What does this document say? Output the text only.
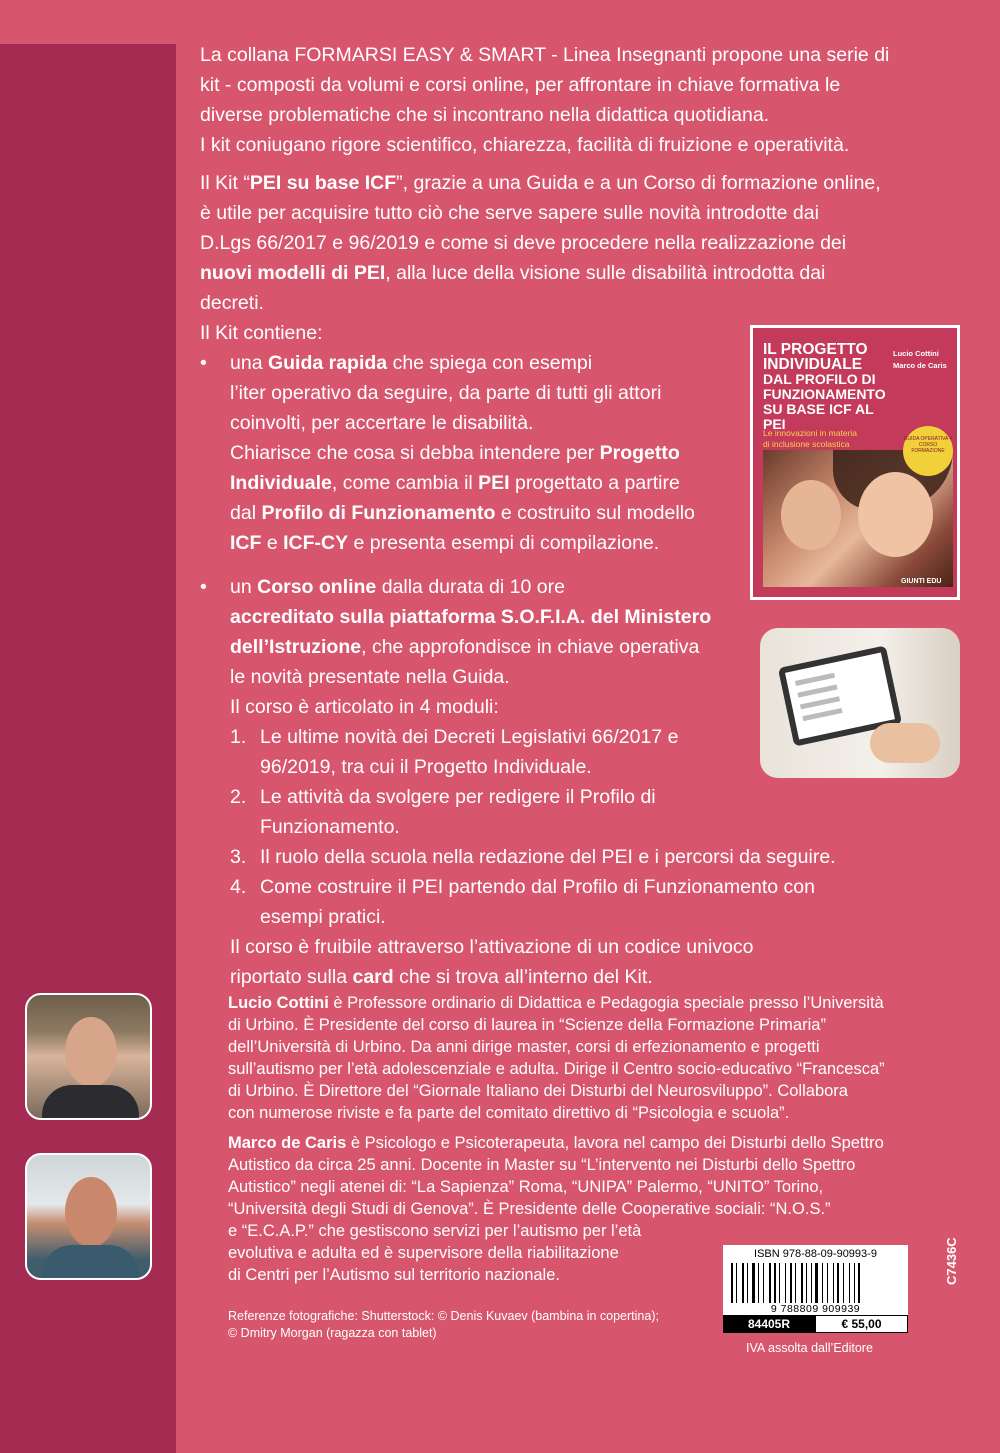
La collana FORMARSI EASY & SMART - Linea Insegnanti propone una serie di

kit - composti da volumi e corsi online, per affrontare in chiave formativa le

diverse problematiche che si incontrano nella didattica quotidiana.

I kit coniugano rigore scientifico, chiarezza, facilità di fruizione e operatività.

Il Kit “PEI su base ICF”, grazie a una Guida e a un Corso di formazione online,

è utile per acquisire tutto ciò che serve sapere sulle novità introdotte dai

D.Lgs 66/2017 e 96/2019 e come si deve procedere nella realizzazione dei

nuovi modelli di PEI, alla luce della visione sulle disabilità introdotta dai

decreti.

Il Kit contiene:

• una Guida rapida che spiega con esempi

l’iter operativo da seguire, da parte di tutti gli attori

coinvolti, per accertare le disabilità.

Chiarisce che cosa si debba intendere per Progetto

Individuale, come cambia il PEI progettato a partire

dal Profilo di Funzionamento e costruito sul modello

ICF e ICF-CY e presenta esempi di compilazione.

• un Corso online dalla durata di 10 ore

accreditato sulla piattaforma S.O.F.I.A. del Ministero

dell’Istruzione, che approfondisce in chiave operativa

le novità presentate nella Guida.

Il corso è articolato in 4 moduli:

1. Le ultime novità dei Decreti Legislativi 66/2017 e
96/2019, tra cui il Progetto Individuale.
2. Le attività da svolgere per redigere il Profilo di
Funzionamento.
3. Il ruolo della scuola nella redazione del PEI e i percorsi da seguire.
4. Come costruire il PEI partendo dal Profilo di Funzionamento con
esempi pratici.

Il corso è fruibile attraverso l’attivazione di un codice univoco

riportato sulla card che si trova all’interno del Kit.

IL PROGETTO
INDIVIDUALE
DAL PROFILO DI
FUNZIONAMENTO
SU BASE ICF AL PEI
Lucio Cottini
Marco de Caris
Le innovazioni in materia
di inclusione scolastica	GUIDA OPERATIVA + CORSO FORMAZIONE
GIUNTI EDU
Lucio Cottini è Professore ordinario di Didattica e Pedagogia speciale presso l’Università
di Urbino. È Presidente del corso di laurea in “Scienze della Formazione Primaria”
dell’Università di Urbino. Da anni dirige master, corsi di erfezionamento e progetti
sull’autismo per l’età adolescenziale e adulta. Dirige il Centro socio-educativo “Francesca”
di Urbino. È Direttore del “Giornale Italiano dei Disturbi del Neurosviluppo”. Collabora
con numerose riviste e fa parte del comitato direttivo di “Psicologia e scuola”.
Marco de Caris è Psicologo e Psicoterapeuta, lavora nel campo dei Disturbi dello Spettro
Autistico da circa 25 anni. Docente in Master su “L’intervento nei Disturbi dello Spettro
Autistico” negli atenei di: “La Sapienza” Roma, “UNIPA” Palermo, “UNITO” Torino,
“Università degli Studi di Genova”. È Presidente delle Cooperative sociali: “N.O.S.”
e “E.C.A.P.” che gestiscono servizi per l’autismo per l’età
evolutiva e adulta ed è supervisore della riabilitazione
di Centri per l’Autismo sul territorio nazionale.
Referenze fotografiche: Shutterstock: © Denis Kuvaev (bambina in copertina);
© Dmitry Morgan (ragazza con tablet)
ISBN 978-88-09-90993-9
9 788809 909939
84405R	€ 55,00
IVA assolta dall’Editore
C7436C
